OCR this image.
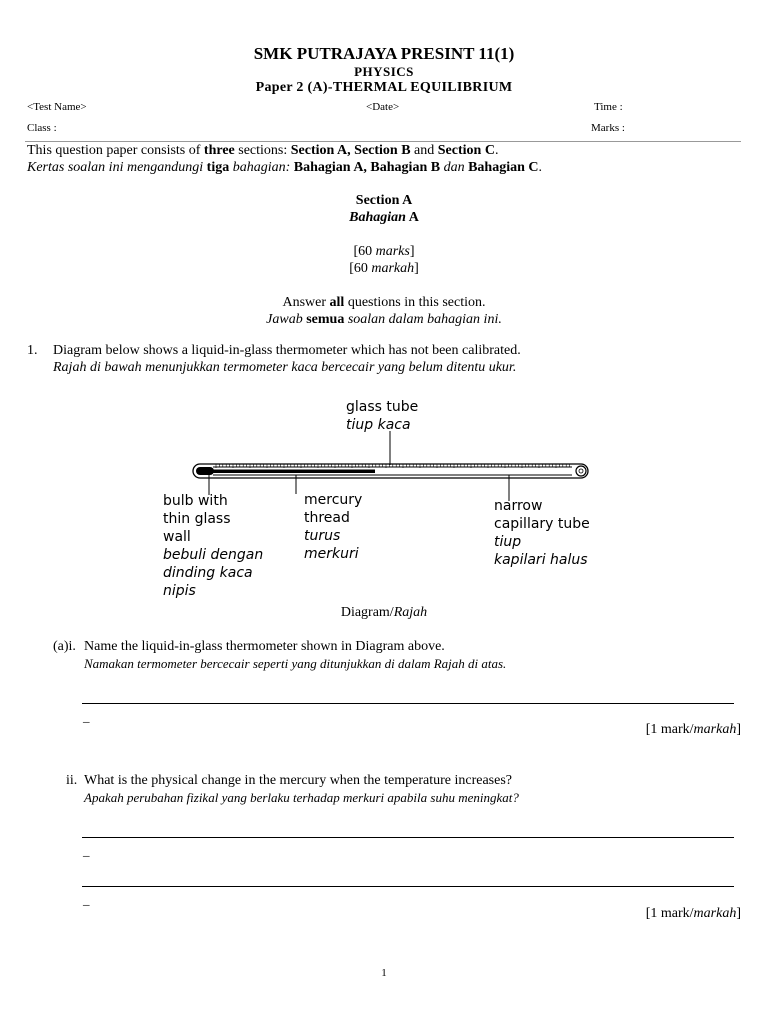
SMK PUTRAJAYA PRESINT 11(1)
PHYSICS
Paper 2 (A)-THERMAL EQUILIBRIUM
<Test Name>	<Date>	Time :
Class :	Marks :
This question paper consists of three sections: Section A, Section B and Section C.
Kertas soalan ini mengandungi tiga bahagian: Bahagian A, Bahagian B dan Bahagian C.
Section A
Bahagian A
[60 marks]
[60 markah]
Answer all questions in this section.
Jawab semua soalan dalam bahagian ini.
1. Diagram below shows a liquid-in-glass thermometer which has not been calibrated.
Rajah di bawah menunjukkan termometer kaca bercecair yang belum ditentu ukur.
glass tube
tiup kaca
bulb with
thin glass
wall
bebuli dengan
dinding kaca
nipis
mercury
thread
turus
merkuri
narrow
capillary tube
tiup
kapilari halus
Diagram/Rajah
(a)i. Name the liquid-in-glass thermometer shown in Diagram above.
Namakan termometer bercecair seperti yang ditunjukkan di dalam Rajah di atas.
_
[1 mark/markah]
ii. What is the physical change in the mercury when the temperature increases?
Apakah perubahan fizikal yang berlaku terhadap merkuri apabila suhu meningkat?
_
_
[1 mark/markah]
1
